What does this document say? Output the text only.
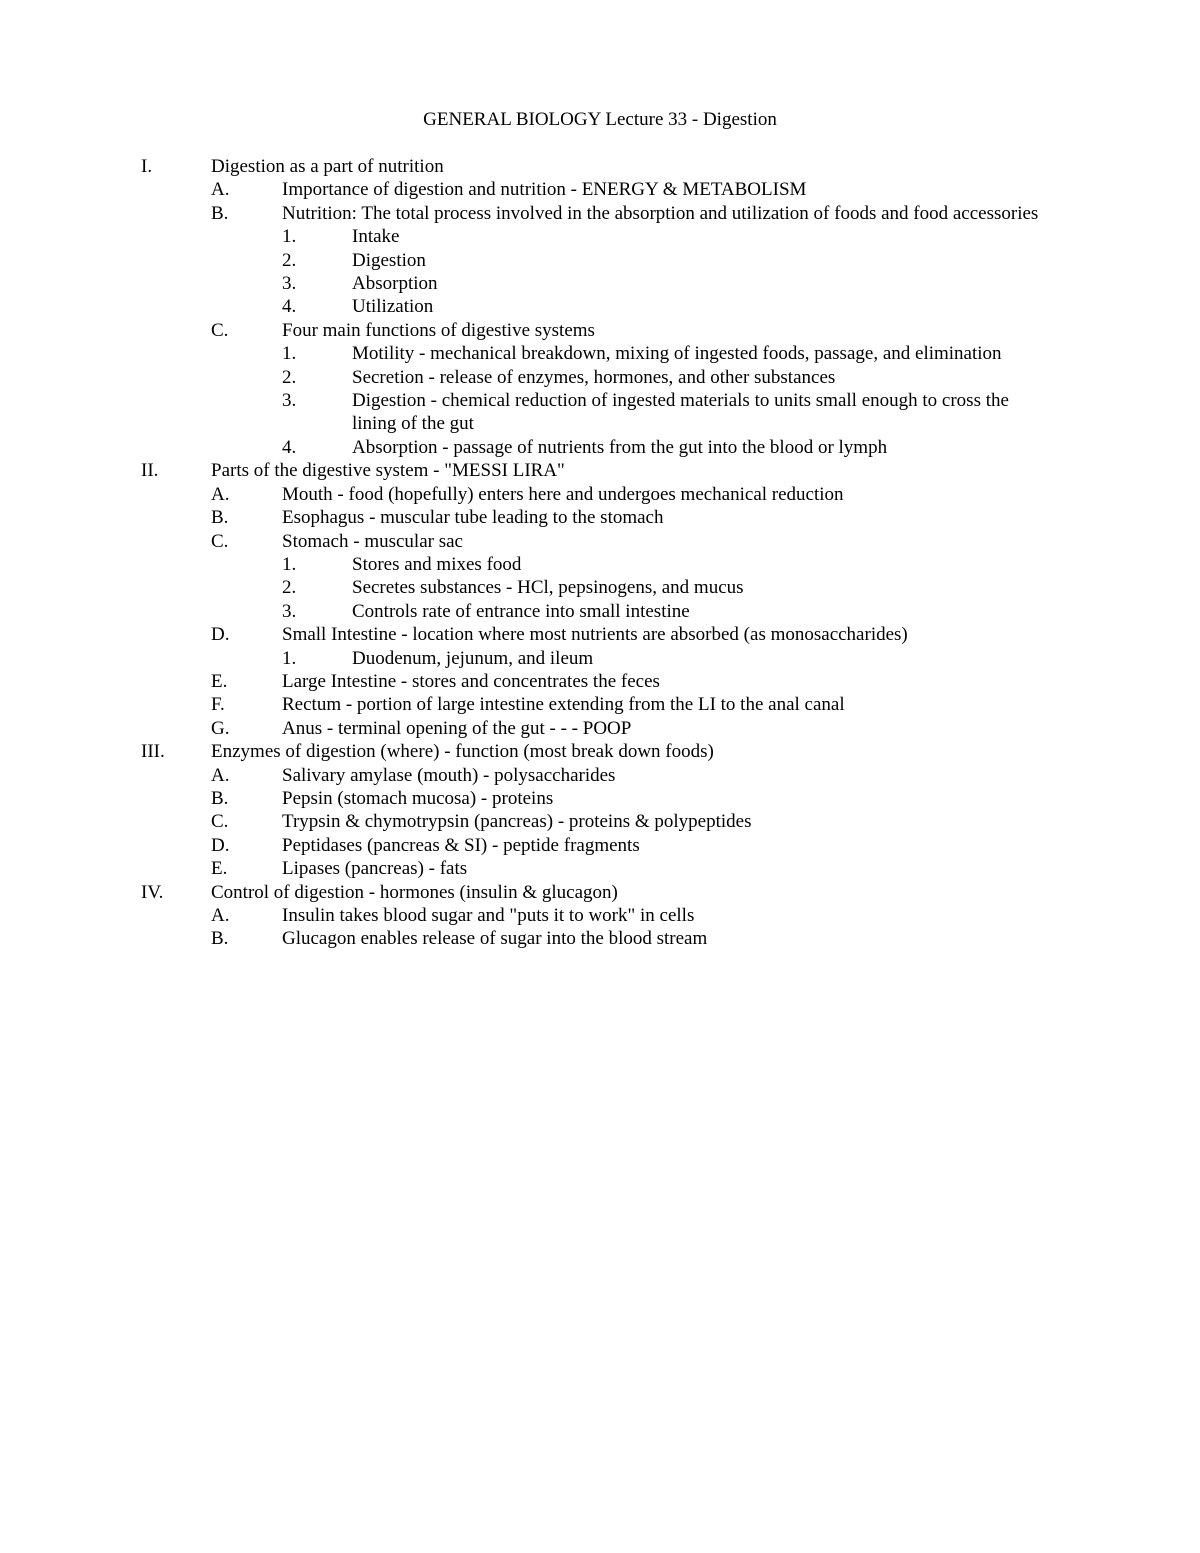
GENERAL BIOLOGY Lecture 33 - Digestion
I.	Digestion as a part of nutrition
A.	Importance of digestion and nutrition - ENERGY & METABOLISM
B.	Nutrition: The total process involved in the absorption and utilization of foods and food accessories
1.	Intake
2.	Digestion
3.	Absorption
4.	Utilization
C.	Four main functions of digestive systems
1.	Motility - mechanical breakdown, mixing of ingested foods, passage, and elimination
2.	Secretion - release of enzymes, hormones, and other substances
3.	Digestion - chemical reduction of ingested materials to units small enough to cross the lining of the gut
4.	Absorption - passage of nutrients from the gut into the blood or lymph
II.	Parts of the digestive system - "MESSI LIRA"
A.	Mouth - food (hopefully) enters here and undergoes mechanical reduction
B.	Esophagus - muscular tube leading to the stomach
C.	Stomach - muscular sac
1.	Stores and mixes food
2.	Secretes substances - HCl, pepsinogens, and mucus
3.	Controls rate of entrance into small intestine
D.	Small Intestine - location where most nutrients are absorbed (as monosaccharides)
1.	Duodenum, jejunum, and ileum
E.	Large Intestine - stores and concentrates the feces
F.	Rectum - portion of large intestine extending from the LI to the anal canal
G.	Anus - terminal opening of the gut - - - POOP
III. Enzymes of digestion (where) - function (most break down foods)
A.	Salivary amylase (mouth) - polysaccharides
B.	Pepsin (stomach mucosa) - proteins
C.	Trypsin & chymotrypsin (pancreas) - proteins & polypeptides
D.	Peptidases (pancreas & SI) - peptide fragments
E.	Lipases (pancreas) - fats
IV.	Control of digestion - hormones (insulin & glucagon)
A.	Insulin takes blood sugar and "puts it to work" in cells
B.	Glucagon enables release of sugar into the blood stream
